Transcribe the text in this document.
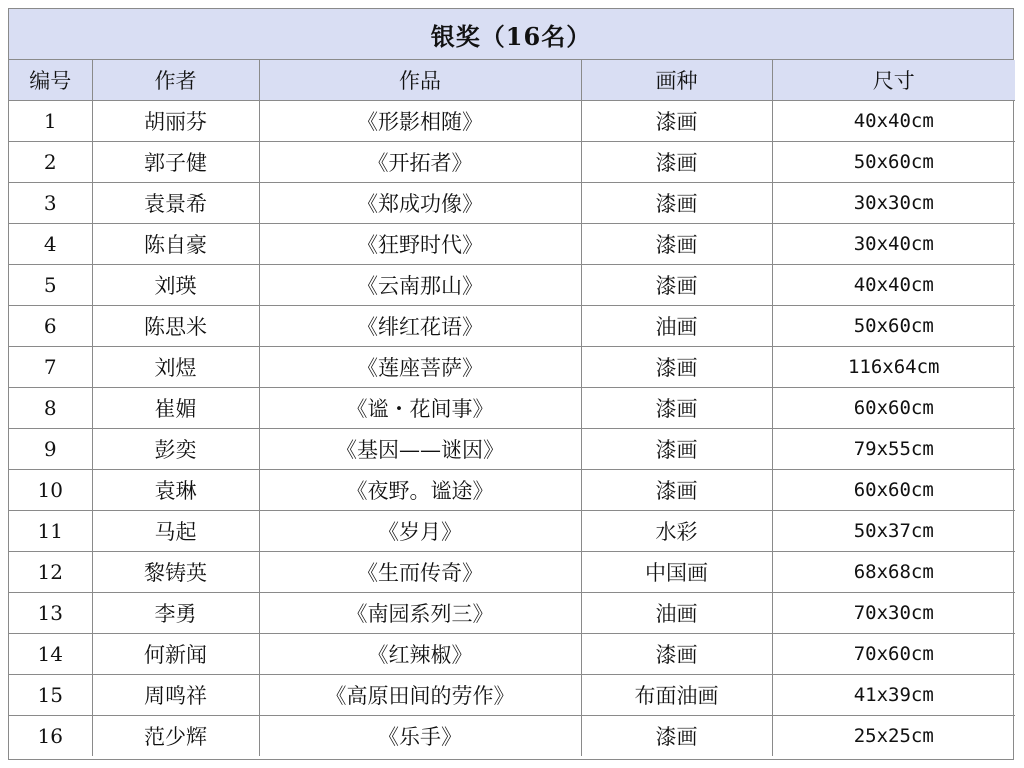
银奖（16名）
编号	作者	作品	画种	尺寸
1	胡丽芬	《形影相随》	漆画	40x40cm
2	郭子健	《开拓者》	漆画	50x60cm
3	袁景希	《郑成功像》	漆画	30x30cm
4	陈自豪	《狂野时代》	漆画	30x40cm
5	刘瑛	《云南那山》	漆画	40x40cm
6	陈思米	《绯红花语》	油画	50x60cm
7	刘煜	《莲座菩萨》	漆画	116x64cm
8	崔媚	《谧・花间事》	漆画	60x60cm
9	彭奕	《基因——谜因》	漆画	79x55cm
10	袁琳	《夜野。谧途》	漆画	60x60cm
11	马起	《岁月》	水彩	50x37cm
12	黎铸英	《生而传奇》	中国画	68x68cm
13	李勇	《南园系列三》	油画	70x30cm
14	何新闻	《红辣椒》	漆画	70x60cm
15	周鸣祥	《高原田间的劳作》	布面油画	41x39cm
16	范少辉	《乐手》	漆画	25x25cm
